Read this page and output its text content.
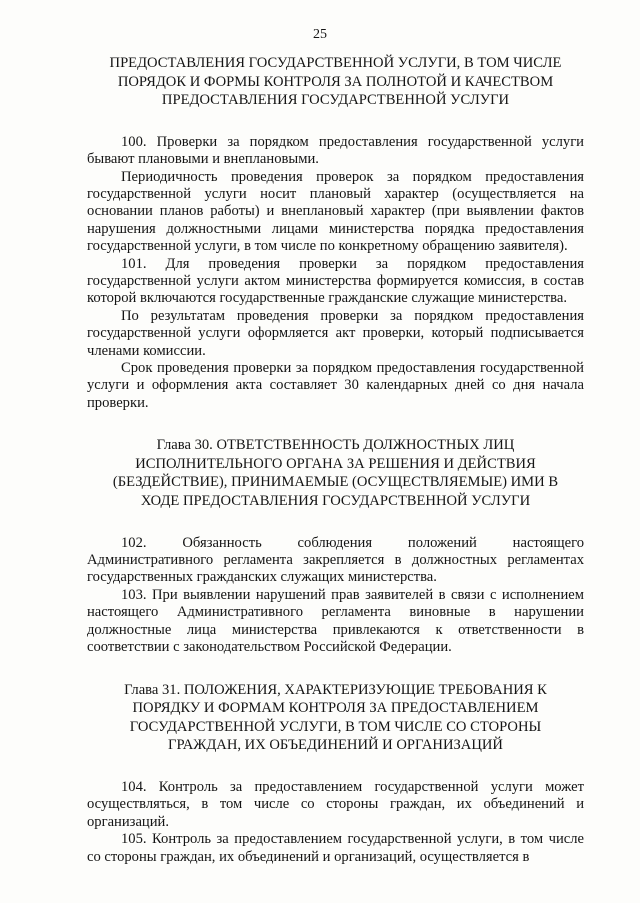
25
ПРЕДОСТАВЛЕНИЯ ГОСУДАРСТВЕННОЙ УСЛУГИ, В ТОМ ЧИСЛЕ
ПОРЯДОК И ФОРМЫ КОНТРОЛЯ ЗА ПОЛНОТОЙ И КАЧЕСТВОМ
ПРЕДОСТАВЛЕНИЯ ГОСУДАРСТВЕННОЙ УСЛУГИ

100. Проверки за порядком предоставления государственной услуги бывают плановыми и внеплановыми.

Периодичность проведения проверок за порядком предоставления государственной услуги носит плановый характер (осуществляется на основании планов работы) и внеплановый характер (при выявлении фактов нарушения должностными лицами министерства порядка предоставления государственной услуги, в том числе по конкретному обращению заявителя).

101. Для проведения проверки за порядком предоставления государственной услуги актом министерства формируется комиссия, в состав которой включаются государственные гражданские служащие министерства.

По результатам проведения проверки за порядком предоставления государственной услуги оформляется акт проверки, который подписывается членами комиссии.

Срок проведения проверки за порядком предоставления государственной услуги и оформления акта составляет 30 календарных дней со дня начала проверки.

Глава 30. ОТВЕТСТВЕННОСТЬ ДОЛЖНОСТНЫХ ЛИЦ
ИСПОЛНИТЕЛЬНОГО ОРГАНА ЗА РЕШЕНИЯ И ДЕЙСТВИЯ
(БЕЗДЕЙСТВИЕ), ПРИНИМАЕМЫЕ (ОСУЩЕСТВЛЯЕМЫЕ) ИМИ В
ХОДЕ ПРЕДОСТАВЛЕНИЯ ГОСУДАРСТВЕННОЙ УСЛУГИ

102. Обязанность соблюдения положений настоящего Административного регламента закрепляется в должностных регламентах государственных гражданских служащих министерства.

103. При выявлении нарушений прав заявителей в связи с исполнением настоящего Административного регламента виновные в нарушении должностные лица министерства привлекаются к ответственности в соответствии с законодательством Российской Федерации.

Глава 31. ПОЛОЖЕНИЯ, ХАРАКТЕРИЗУЮЩИЕ ТРЕБОВАНИЯ К
ПОРЯДКУ И ФОРМАМ КОНТРОЛЯ ЗА ПРЕДОСТАВЛЕНИЕМ
ГОСУДАРСТВЕННОЙ УСЛУГИ, В ТОМ ЧИСЛЕ СО СТОРОНЫ
ГРАЖДАН, ИХ ОБЪЕДИНЕНИЙ И ОРГАНИЗАЦИЙ

104. Контроль за предоставлением государственной услуги может осуществляться, в том числе со стороны граждан, их объединений и организаций.

105. Контроль за предоставлением государственной услуги, в том числе со стороны граждан, их объединений и организаций, осуществляется в
